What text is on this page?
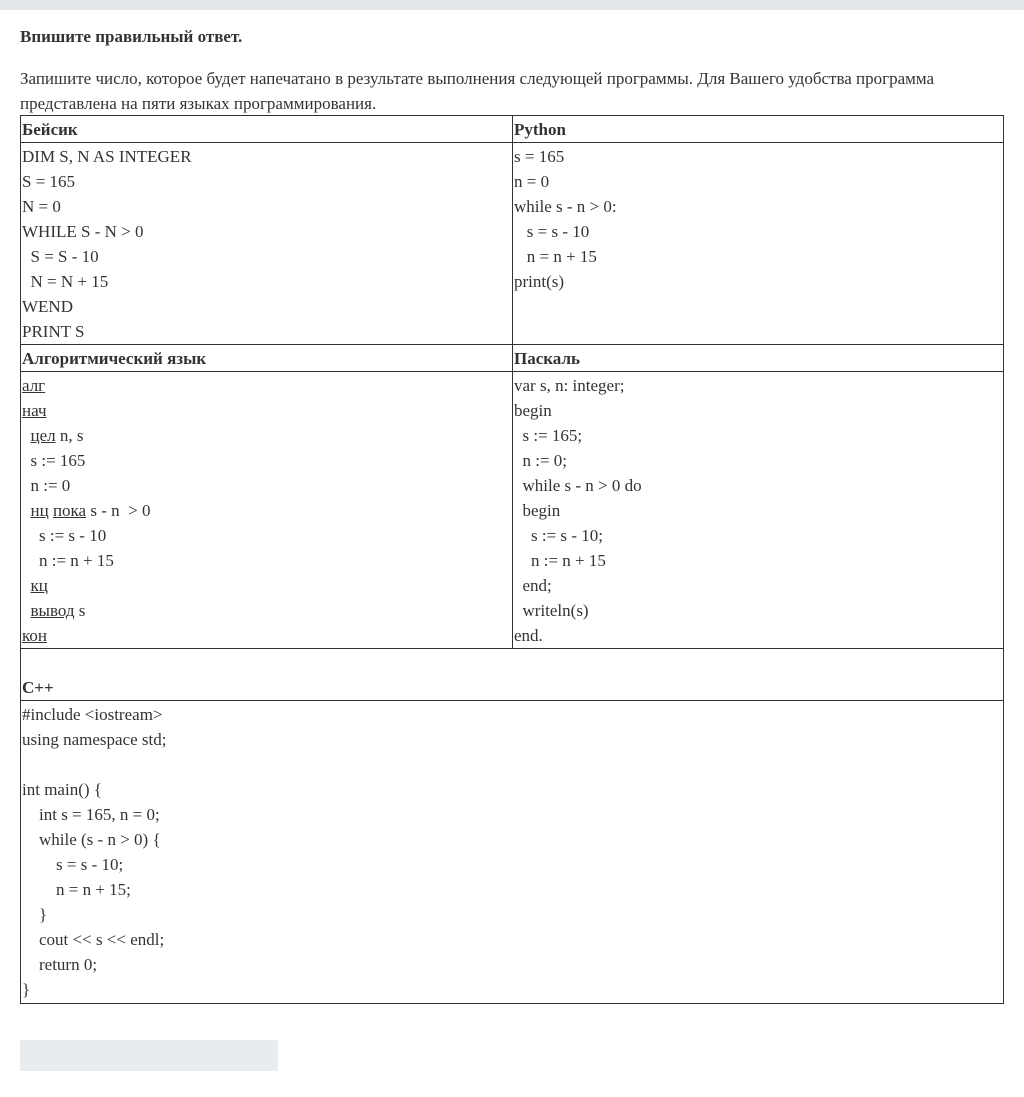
Впишите правильный ответ.
Запишите число, которое будет напечатано в результате выполнения следующей программы. Для Вашего удобства программа представлена на пяти языках программирования.
Бейсик	Python
Алгоритмический язык	Паскаль
C++
DIM S, N AS INTEGER
S = 165
N = 0
WHILE S - N > 0
S = S - 10
N = N + 15
WEND
PRINT S
s = 165
n = 0
while s - n > 0:
s = s - 10
n = n + 15
print(s)
алг
нач
цел n, s
s := 165
n := 0
нц пока s - n  > 0
s := s - 10
n := n + 15
кц
вывод s
кон
var s, n: integer;
begin
s := 165;
n := 0;
while s - n > 0 do
begin
s := s - 10;
n := n + 15
end;
writeln(s)
end.
#include <iostream>
using namespace std;
int main() {
int s = 165, n = 0;
while (s - n > 0) {
s = s - 10;
n = n + 15;
}
cout << s << endl;
return 0;
}
